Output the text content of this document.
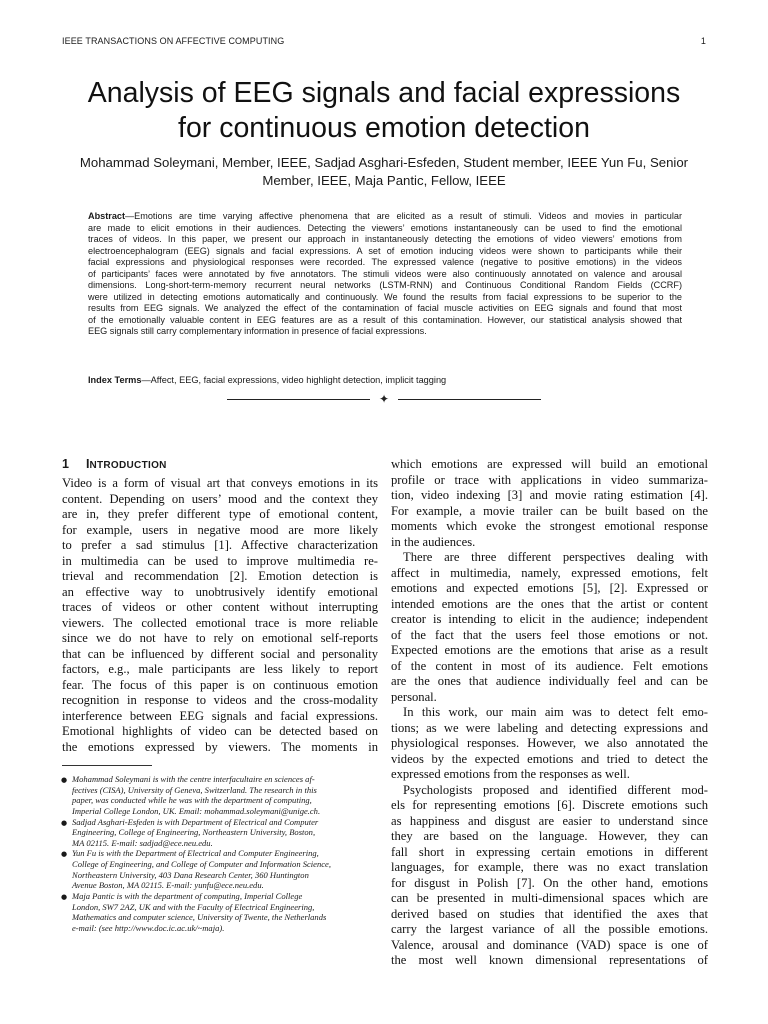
IEEE TRANSACTIONS ON AFFECTIVE COMPUTING	1
Analysis of EEG signals and facial expressions
for continuous emotion detection
Mohammad Soleymani, Member, IEEE, Sadjad Asghari-Esfeden, Student member, IEEE Yun Fu, Senior
Member, IEEE, Maja Pantic, Fellow, IEEE
Abstract—Emotions are time varying affective phenomena that are elicited as a result of stimuli. Videos and movies in particular
are made to elicit emotions in their audiences. Detecting the viewers’ emotions instantaneously can be used to find the emotional
traces of videos. In this paper, we present our approach in instantaneously detecting the emotions of video viewers’ emotions from
electroencephalogram (EEG) signals and facial expressions. A set of emotion inducing videos were shown to participants while their
facial expressions and physiological responses were recorded. The expressed valence (negative to positive emotions) in the videos
of participants’ faces were annotated by five annotators. The stimuli videos were also continuously annotated on valence and arousal
dimensions. Long-short-term-memory recurrent neural networks (LSTM-RNN) and Continuous Conditional Random Fields (CCRF)
were utilized in detecting emotions automatically and continuously. We found the results from facial expressions to be superior to the
results from EEG signals. We analyzed the effect of the contamination of facial muscle activities on EEG signals and found that most
of the emotionally valuable content in EEG features are as a result of this contamination. However, our statistical analysis showed that
EEG signals still carry complementary information in presence of facial expressions.
Index Terms—Affect, EEG, facial expressions, video highlight detection, implicit tagging
✦
1 INTRODUCTION
Video is a form of visual art that conveys emotions in its
content. Depending on users’ mood and the context they
are in, they prefer different type of emotional content,
for example, users in negative mood are more likely
to prefer a sad stimulus [1]. Affective characterization
in multimedia can be used to improve multimedia re-
trieval and recommendation [2]. Emotion detection is
an effective way to unobtrusively identify emotional
traces of videos or other content without interrupting
viewers. The collected emotional trace is more reliable
since we do not have to rely on emotional self-reports
that can be influenced by different social and personality
factors, e.g., male participants are less likely to report
fear. The focus of this paper is on continuous emotion
recognition in response to videos and the cross-modality
interference between EEG signals and facial expressions.
Emotional highlights of video can be detected based on
the emotions expressed by viewers. The moments in
which emotions are expressed will build an emotional
profile or trace with applications in video summariza-
tion, video indexing [3] and movie rating estimation [4].
For example, a movie trailer can be built based on the
moments which evoke the strongest emotional response
in the audiences.
There are three different perspectives dealing with
affect in multimedia, namely, expressed emotions, felt
emotions and expected emotions [5], [2]. Expressed or
intended emotions are the ones that the artist or content
creator is intending to elicit in the audience; independent
of the fact that the users feel those emotions or not.
Expected emotions are the emotions that arise as a result
of the content in most of its audience. Felt emotions
are the ones that audience individually feel and can be
personal.
In this work, our main aim was to detect felt emo-
tions; as we were labeling and detecting expressions and
physiological responses. However, we also annotated the
videos by the expected emotions and tried to detect the
expressed emotions from the responses as well.
Psychologists proposed and identified different mod-
els for representing emotions [6]. Discrete emotions such
as happiness and disgust are easier to understand since
they are based on the language. However, they can
fall short in expressing certain emotions in different
languages, for example, there was no exact translation
for disgust in Polish [7]. On the other hand, emotions
can be presented in multi-dimensional spaces which are
derived based on studies that identified the axes that
carry the largest variance of all the possible emotions.
Valence, arousal and dominance (VAD) space is one of
the most well known dimensional representations of
● Mohammad Soleymani is with the centre interfacultaire en sciences af-
fectives (CISA), University of Geneva, Switzerland. The research in this
paper, was conducted while he was with the department of computing,
Imperial College London, UK. Email: mohammad.soleymani@unige.ch.
● Sadjad Asghari-Esfeden is with Department of Electrical and Computer
Engineering, College of Engineering, Northeastern University, Boston,
MA 02115. E-mail: sadjad@ece.neu.edu.
● Yun Fu is with the Department of Electrical and Computer Engineering,
College of Engineering, and College of Computer and Information Science,
Northeastern University, 403 Dana Research Center, 360 Huntington
Avenue Boston, MA 02115. E-mail: yunfu@ece.neu.edu.
● Maja Pantic is with the department of computing, Imperial College
London, SW7 2AZ, UK and with the Faculty of Electrical Engineering,
Mathematics and computer science, University of Twente, the Netherlands
e-mail: (see http://www.doc.ic.ac.uk/~maja).
